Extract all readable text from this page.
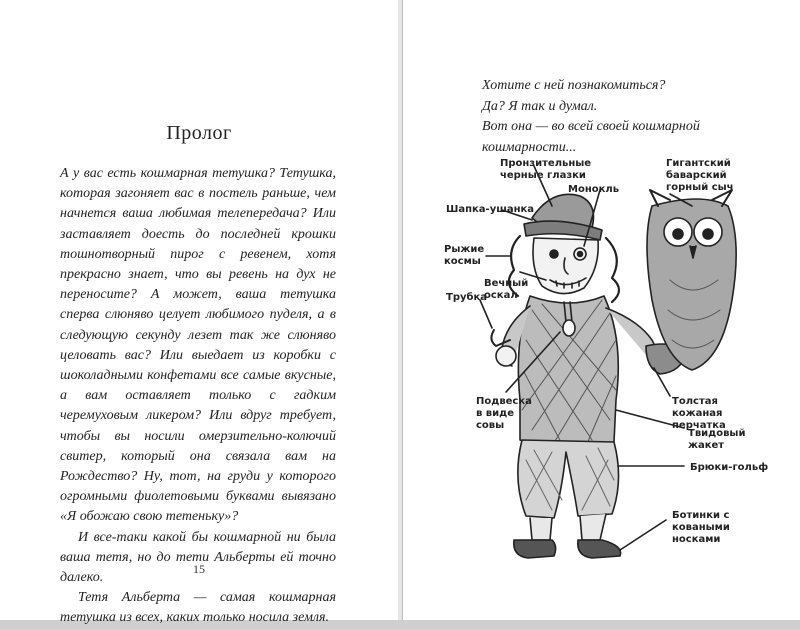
Пролог

А у вас есть кошмарная тетушка? Тетушка, которая загоняет вас в постель раньше, чем начнется ваша любимая телепередача? Или заставляет доесть до последней крошки тошнотворный пирог с ревенем, хотя прекрасно знает, что вы ревень на дух не переносите? А может, ваша тетушка сперва слюняво целует любимого пуделя, а в следующую секунду лезет так же слюняво целовать вас? Или выедает из коробки с шоколадными конфетами все самые вкусные, а вам оставляет только с гадким черемуховым ликером? Или вдруг требует, чтобы вы носили омерзительно-колючий свитер, который она связала вам на Рождество? Ну, тот, на груди у которого огромными фиолетовыми буквами вывязано «Я обожаю свою тетеньку»?

И все-таки какой бы кошмарной ни была ваша тетя, но до тети Альберты ей точно далеко.

Тетя Альберта — самая кошмарная тетушка из всех, каких только носила земля.

15

Хотите с ней познакомиться?

Да? Я так и думал.

Вот она — во всей своей кошмарной кошмарности...

Пронзительные черные глазки
Гигантский баварский горный сыч
Монокль
Шапка-ушанка
Рыжие космы
Вечный оскал
Трубка
Подвеска в виде совы
Толстая кожаная перчатка
Твидовый жакет
Брюки-гольф
Ботинки с коваными носками
